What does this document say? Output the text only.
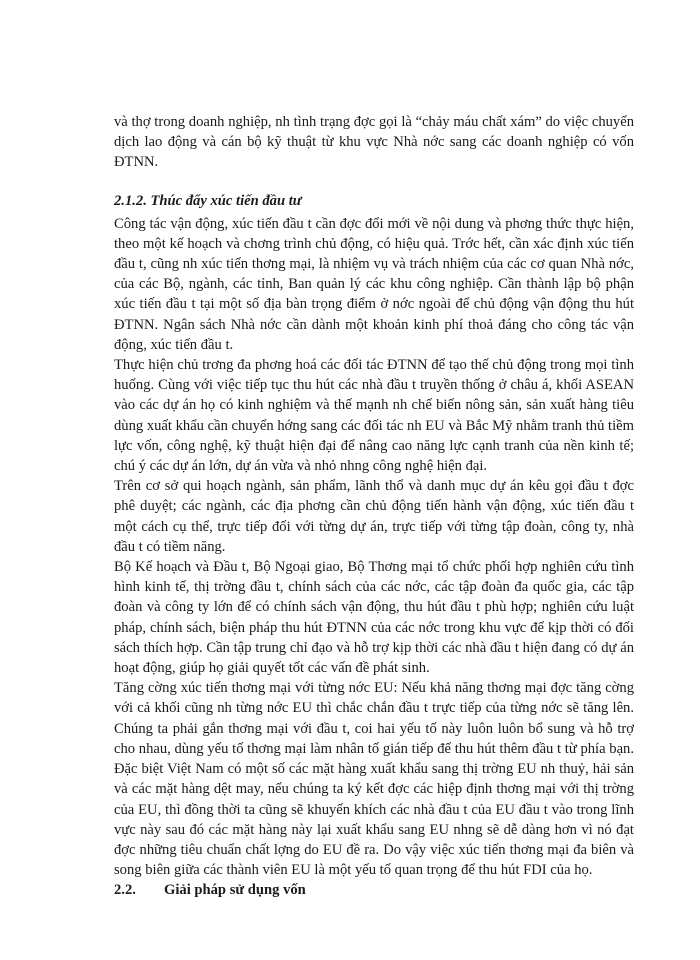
và thợ trong doanh nghiệp, nh tình trạng đợc gọi là “chảy máu chất xám” do việc chuyển dịch lao động và cán bộ kỹ thuật từ khu vực Nhà nớc sang các doanh nghiệp có vốn ĐTNN.

2.1.2. Thúc đẩy xúc tiến đầu tư

Công tác vận động, xúc tiến đầu t cần đợc đổi mới về nội dung và phơng thức thực hiện, theo một kế hoạch và chơng trình chủ động, có hiệu quả. Trớc hết, cần xác định xúc tiến đầu t, cũng nh xúc tiến thơng mại, là nhiệm vụ và trách nhiệm của các cơ quan Nhà nớc, của các Bộ, ngành, các tỉnh, Ban quản lý các khu công nghiệp. Cần thành lập bộ phận xúc tiến đầu t tại một số địa bàn trọng điểm ở nớc ngoài để chủ động vận động thu hút ĐTNN. Ngân sách Nhà nớc cần dành một khoản kinh phí thoả đáng cho công tác vận động, xúc tiến đầu t.

Thực hiện chủ trơng đa phơng hoá các đối tác ĐTNN để tạo thế chủ động trong mọi tình huống. Cùng với việc tiếp tục thu hút các nhà đầu t truyền thống ở châu á, khối ASEAN vào các dự án họ có kinh nghiệm và thế mạnh nh chế biến nông sản, sản xuất hàng tiêu dùng xuất khẩu cần chuyển hớng sang các đối tác nh EU và Bắc Mỹ nhằm tranh thủ tiềm lực vốn, công nghệ, kỹ thuật hiện đại để nâng cao năng lực cạnh tranh của nền kinh tế; chú ý các dự án lớn, dự án vừa và nhỏ nhng công nghệ hiện đại.

Trên cơ sở qui hoạch ngành, sản phẩm, lãnh thổ và danh mục dự án kêu gọi đầu t đợc phê duyệt; các ngành, các địa phơng cần chủ động tiến hành vận động, xúc tiến đầu t một cách cụ thể, trực tiếp đối với từng dự án, trực tiếp với từng tập đoàn, công ty, nhà đầu t có tiềm năng.

Bộ Kế hoạch và Đầu t, Bộ Ngoại giao, Bộ Thơng mại tổ chức phối hợp nghiên cứu tình hình kinh tế, thị trờng đầu t, chính sách của các nớc, các tập đoàn đa quốc gia, các tập đoàn và công ty lớn để có chính sách vận động, thu hút đầu t phù hợp; nghiên cứu luật pháp, chính sách, biện pháp thu hút ĐTNN của các nớc trong khu vực để kịp thời có đối sách thích hợp. Cần tập trung chỉ đạo và hỗ trợ kịp thời các nhà đầu t hiện đang có dự án hoạt động, giúp họ giải quyết tốt các vấn đề phát sinh.

Tăng cờng xúc tiến thơng mại với từng nớc EU: Nếu khả năng thơng mại đợc tăng cờng với cả khối cũng nh từng nớc EU thì chắc chắn đầu t trực tiếp của từng nớc sẽ tăng lên. Chúng ta phải gắn thơng mại với đầu t, coi hai yếu tố này luôn luôn bổ sung và hỗ trợ cho nhau, dùng yếu tố thơng mại làm nhân tố gián tiếp để thu hút thêm đầu t từ phía bạn. Đặc biệt Việt Nam có một số các mặt hàng xuất khẩu sang thị trờng EU nh thuỷ, hải sản và các mặt hàng dệt may, nếu chúng ta ký kết đợc các hiệp định thơng mại với thị trờng của EU, thì đồng thời ta cũng sẽ khuyến khích các nhà đầu t của EU đầu t vào trong lĩnh vực này sau đó các mặt hàng này lại xuất khẩu sang EU nhng sẽ dễ dàng hơn vì nó đạt đợc những tiêu chuẩn chất lợng do EU đề ra. Do vậy việc xúc tiến thơng mại đa biên và song biên giữa các thành viên EU là một yếu tố quan trọng để thu hút FDI của họ.

2.2.	Giải pháp sử dụng vốn
